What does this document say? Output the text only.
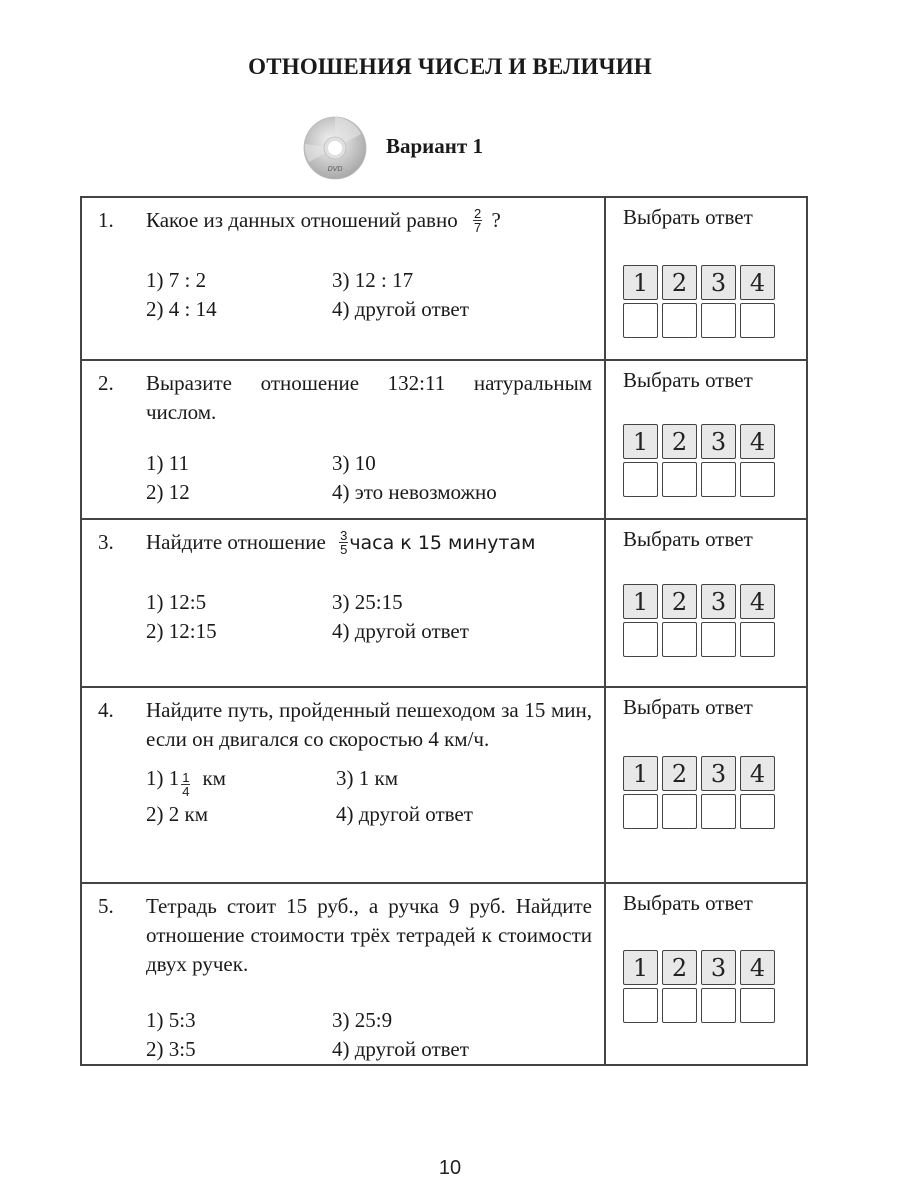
ОТНОШЕНИЯ ЧИСЕЛ И ВЕЛИЧИН
DVD
Вариант 1
1. Какое из данных отношений равно $\frac{2}{7}$ ?
1) 7 : 2	3) 12 : 17
2) 4 : 14	4) другой ответ

Выбрать ответ
1 2 3 4

2. Выразите отношение 132:11 натуральным числом.
1) 11	3) 10
2) 12	4) это невозможно

Выбрать ответ
1 2 3 4

3. Найдите отношение $\frac{3}{5}$ часа к 15 минутам
1) 12:5	3) 25:15
2) 12:15	4) другой ответ

Выбрать ответ
1 2 3 4

4. Найдите путь, пройденный пешеходом за 15 мин, если он двигался со скоростью 4 км/ч.
1) $1 \frac{1}{4}$ км	3) 1 км
2) 2 км	4) другой ответ

Выбрать ответ
1 2 3 4

5. Тетрадь стоит 15 руб., а ручка 9 руб. Найдите отношение стоимости трёх тетрадей к стоимости двух ручек.
1) 5:3	3) 25:9
2) 3:5	4) другой ответ

Выбрать ответ
1 2 3 4
10
